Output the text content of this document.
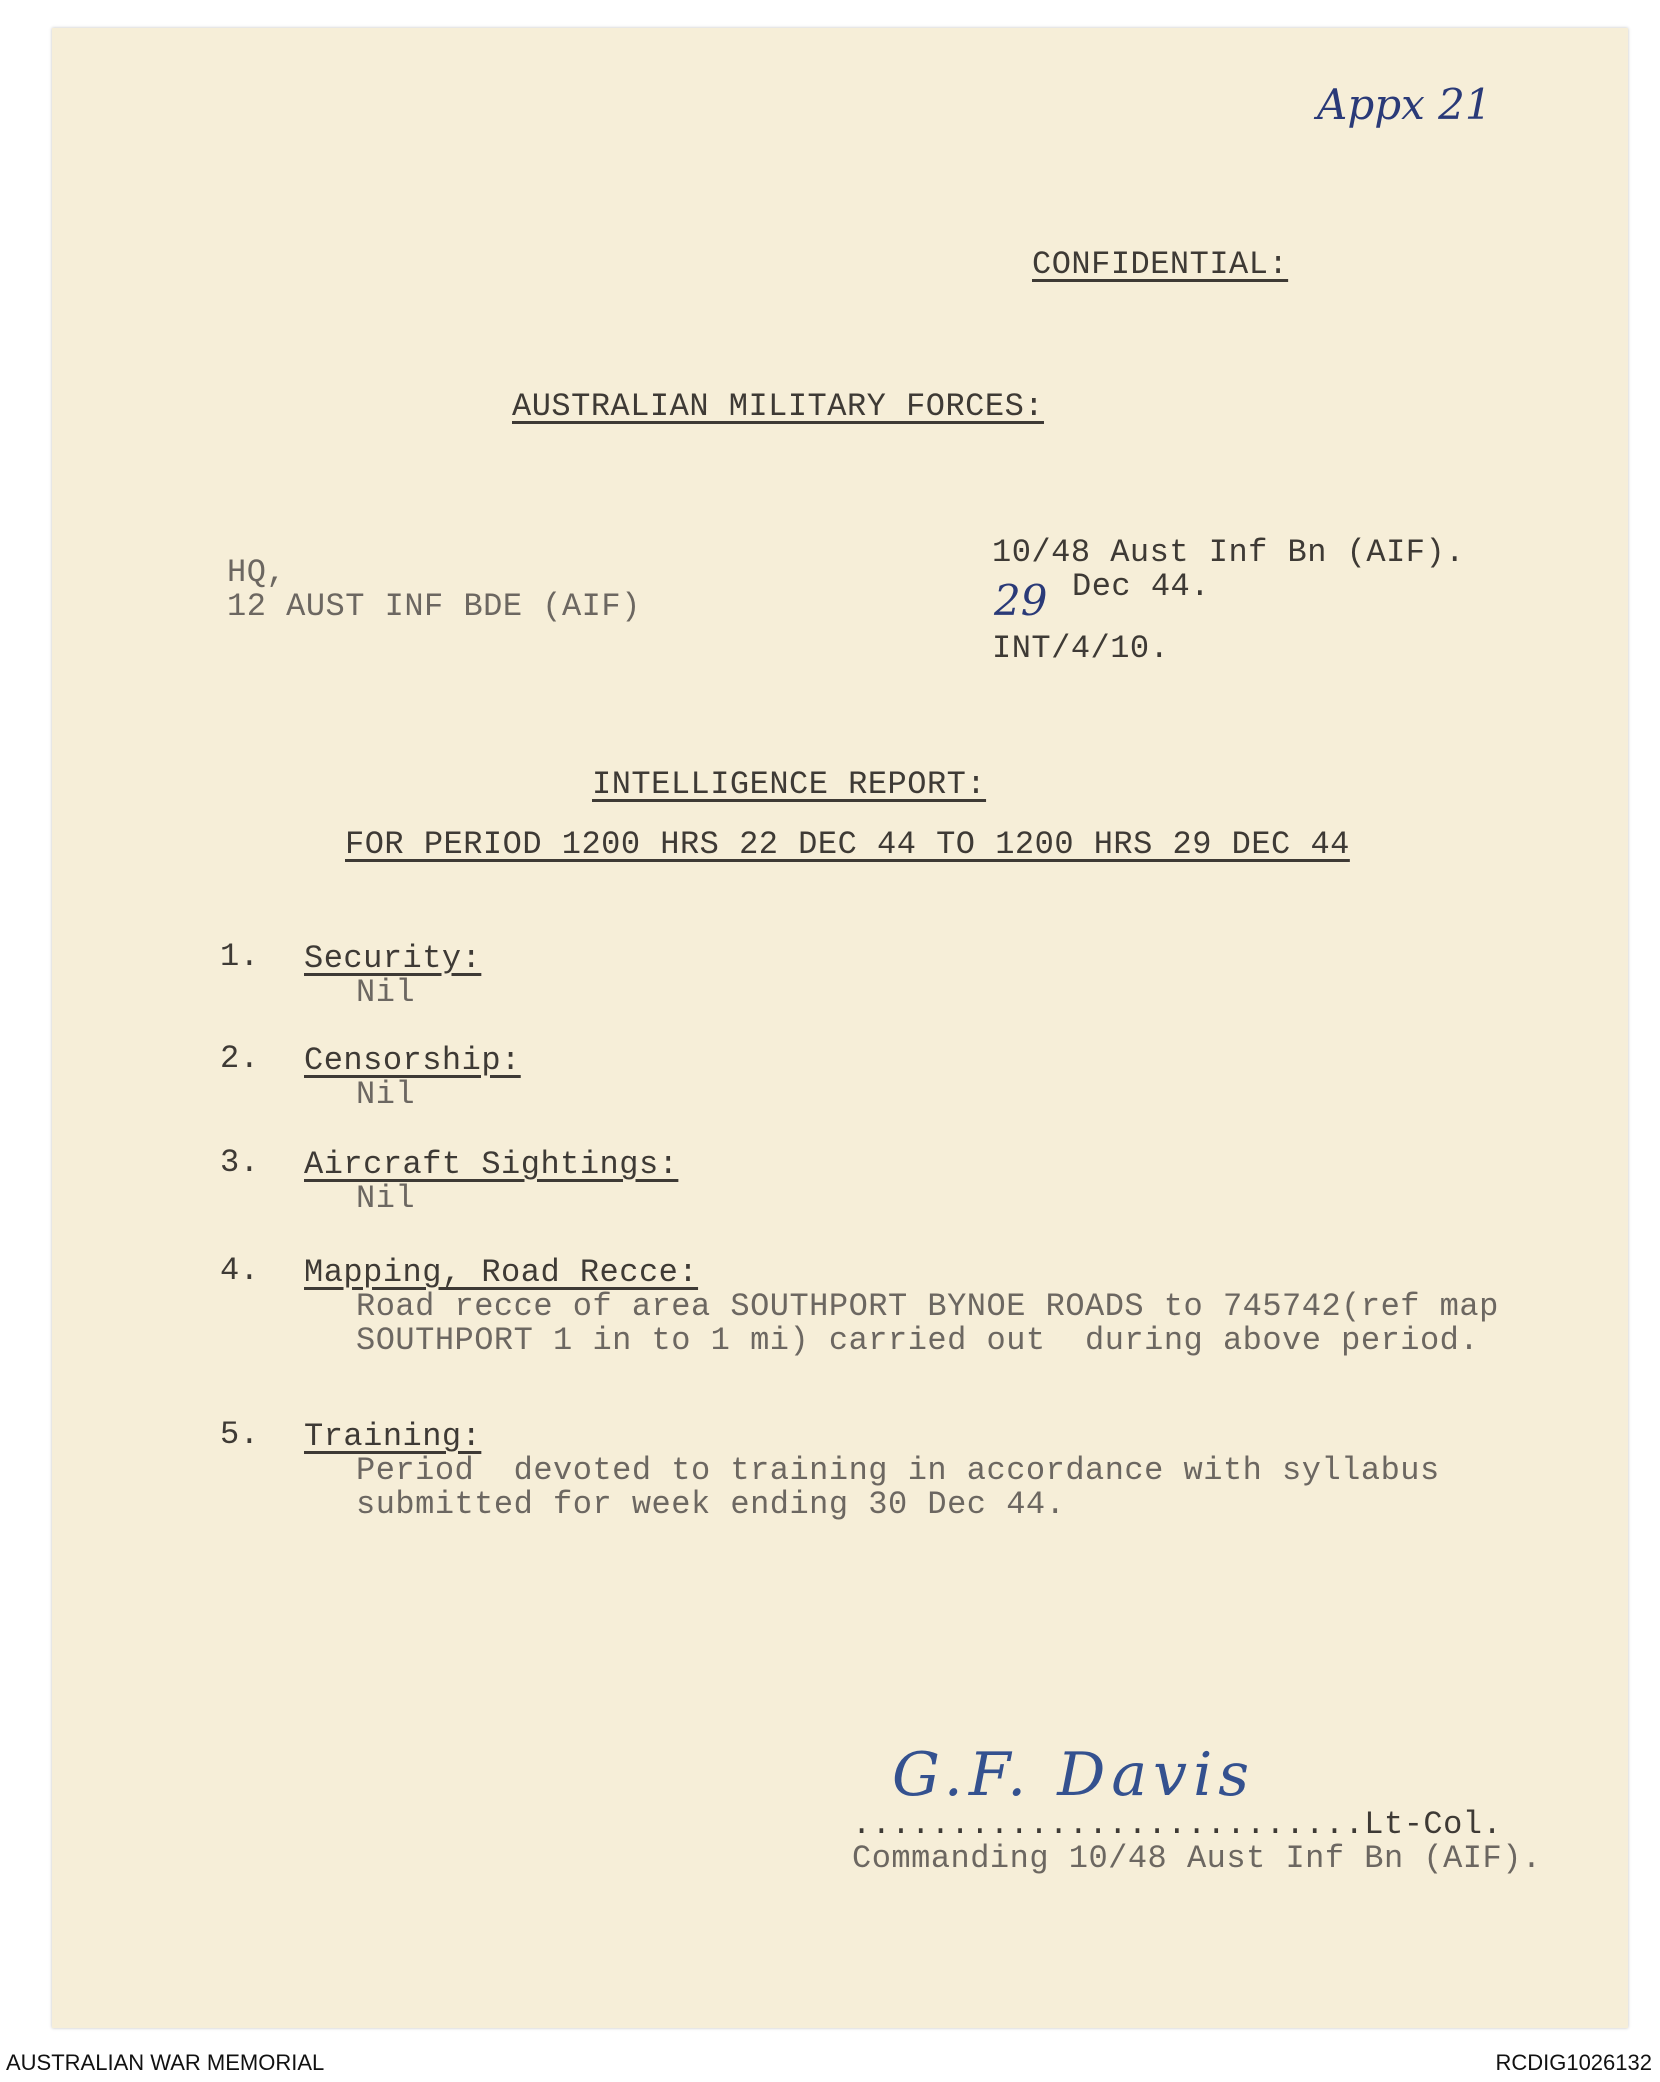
Appx 21
CONFIDENTIAL:
AUSTRALIAN MILITARY FORCES:
HQ,
12 AUST INF BDE (AIF)
10/48 Aust Inf Bn (AIF).
29 Dec 44.
INT/4/10.
INTELLIGENCE REPORT:
FOR PERIOD 1200 HRS 22 DEC 44 TO 1200 HRS 29 DEC 44
1. Security:
Nil
2. Censorship:
Nil
3. Aircraft Sightings:
Nil
4. Mapping, Road Recce:
Road recce of area SOUTHPORT BYNOE ROADS to 745742(ref map
SOUTHPORT 1 in to 1 mi) carried out  during above period.
5. Training:
Period  devoted to training in accordance with syllabus
submitted for week ending 30 Dec 44.
G.F. Davis
..........................Lt-Col.
Commanding 10/48 Aust Inf Bn (AIF).
AUSTRALIAN WAR MEMORIAL	RCDIG1026132
